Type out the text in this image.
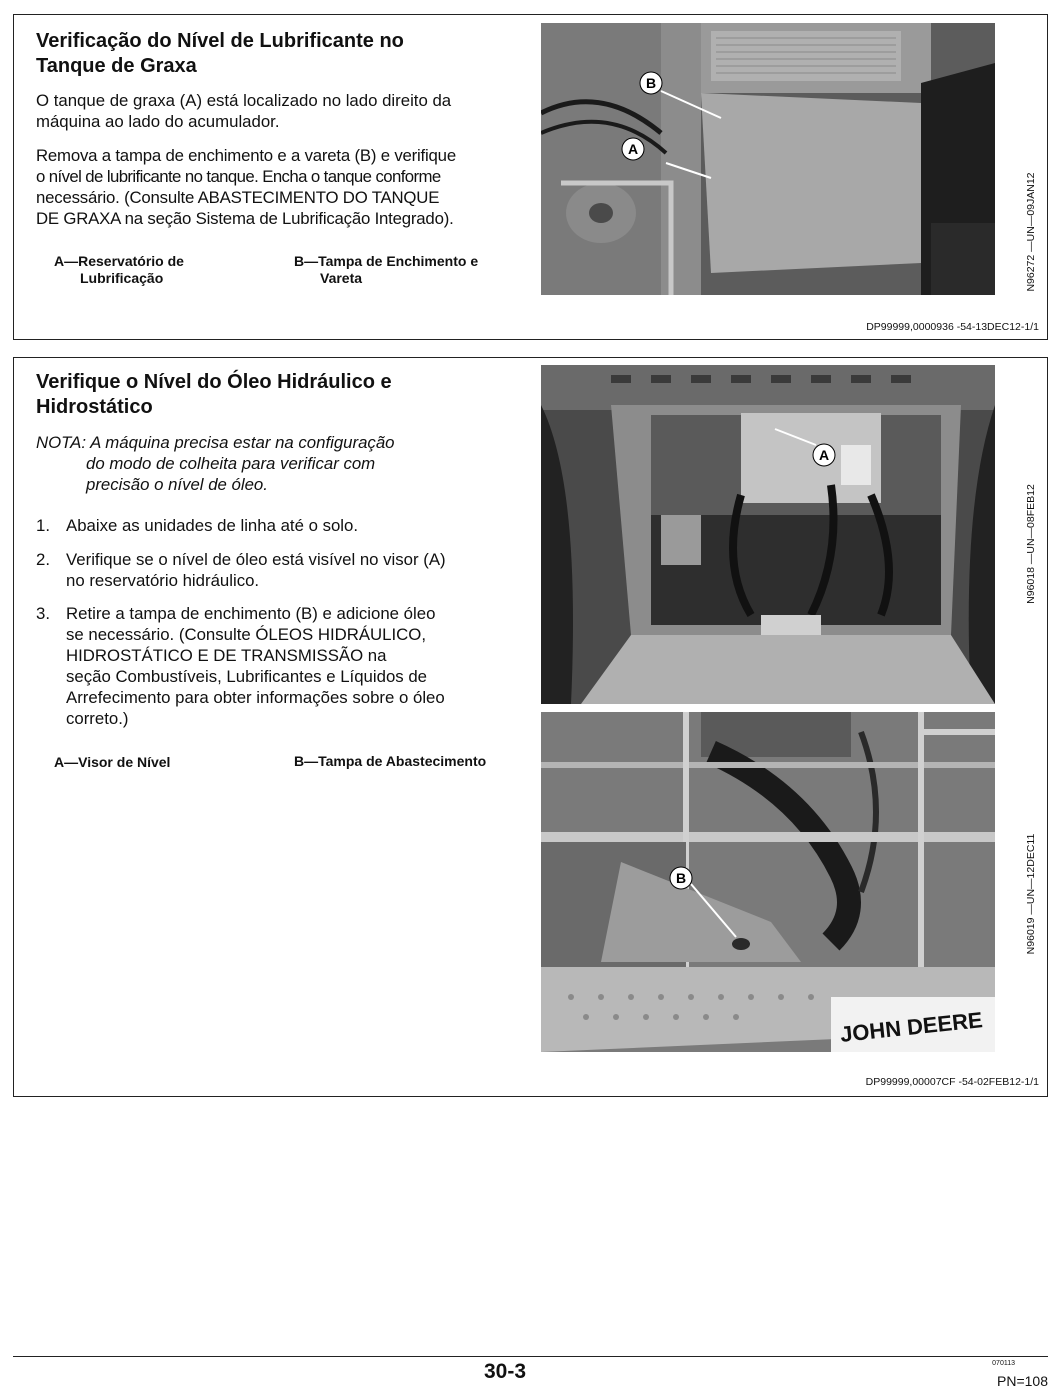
Verificação do Nível de Lubrificante no
Tanque de Graxa

O tanque de graxa (A) está localizado no lado direito da
máquina ao lado do acumulador.

Remova a tampa de enchimento e a vareta (B) e verifique
o nível de lubrificante no tanque. Encha o tanque conforme
necessário. (Consulte ABASTECIMENTO DO TANQUE
DE GRAXA na seção Sistema de Lubrificação Integrado).

A—Reservatório de
Lubrificação
B—Tampa de Enchimento e
Vareta
B
A
N96272 —UN—09JAN12
DP99999,0000936 -54-13DEC12-1/1
Verifique o Nível do Óleo Hidráulico e
Hidrostático
NOTA: A máquina precisa estar na configuração
do modo de colheita para verificar com
precisão o nível de óleo.
1. Abaixe as unidades de linha até o solo.
2. Verifique se o nível de óleo está visível no visor (A)
no reservatório hidráulico.
3. Retire a tampa de enchimento (B) e adicione óleo
se necessário. (Consulte ÓLEOS HIDRÁULICO,
HIDROSTÁTICO E DE TRANSMISSÃO na
seção Combustíveis, Lubrificantes e Líquidos de
Arrefecimento para obter informações sobre o óleo
correto.)
A—Visor de Nível	B—Tampa de Abastecimento
A
JOHN DEERE
B
N96018 —UN—08FEB12
N96019 —UN—12DEC11
DP99999,00007CF -54-02FEB12-1/1
30-3	070113
PN=108
